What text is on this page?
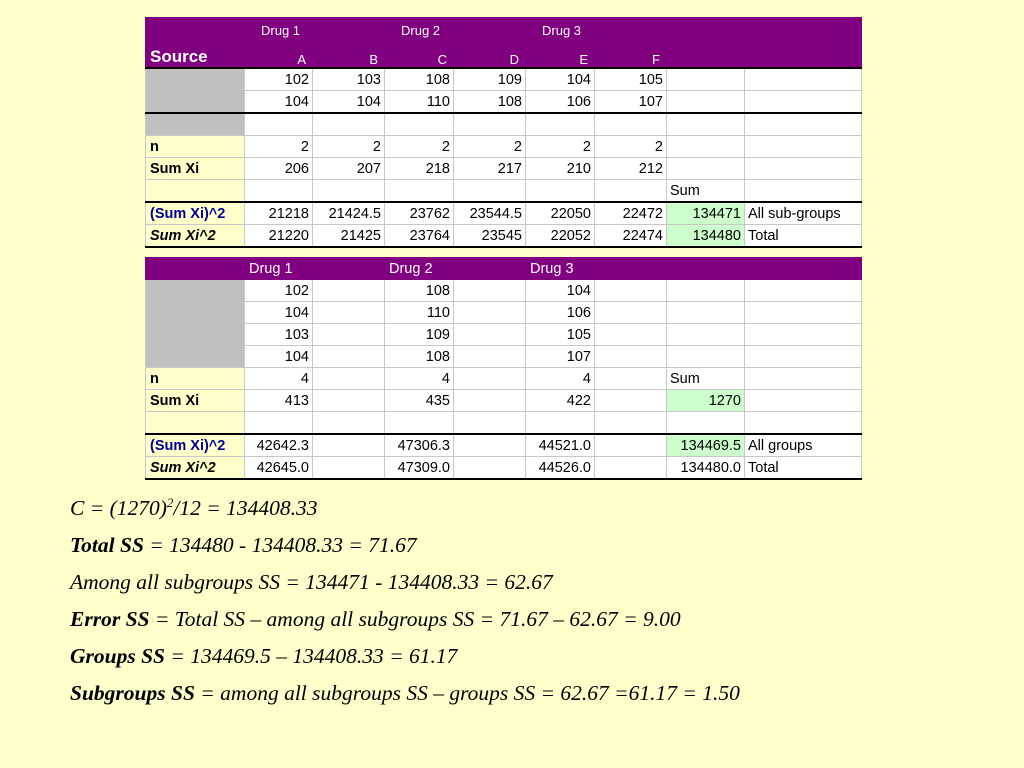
Source	Drug 1		Drug 2		Drug 3			
	A	B	C	D	E	F		
	102	103	108	109	104	105		
	104	104	110	108	106	107		

n	2	2	2	2	2	2		
Sum Xi	206	207	218	217	210	212		
							Sum	
(Sum Xi)^2	21218	21424.5	23762	23544.5	22050	22472	134471	All sub-groups
Sum Xi^2	21220	21425	23764	23545	22052	22474	134480	Total
	Drug 1		Drug 2		Drug 3			
	102		108		104			
	104		110		106			
	103		109		105			
	104		108		107			
n	4		4		4		Sum	
Sum Xi	413		435		422		1270	

(Sum Xi)^2	42642.3		47306.3		44521.0		134469.5	All groups
Sum Xi^2	42645.0		47309.0		44526.0		134480.0	Total
$C = (1270)^2/12 = 134408.33$
Total SS = 134480 - 134408.33 = 71.67
Among all subgroups SS = 134471 - 134408.33 = 62.67
Error SS = Total SS – among all subgroups SS = 71.67 – 62.67 = 9.00
Groups SS = 134469.5 – 134408.33 = 61.17
Subgroups SS = among all subgroups SS – groups SS = 62.67 =61.17 = 1.50
